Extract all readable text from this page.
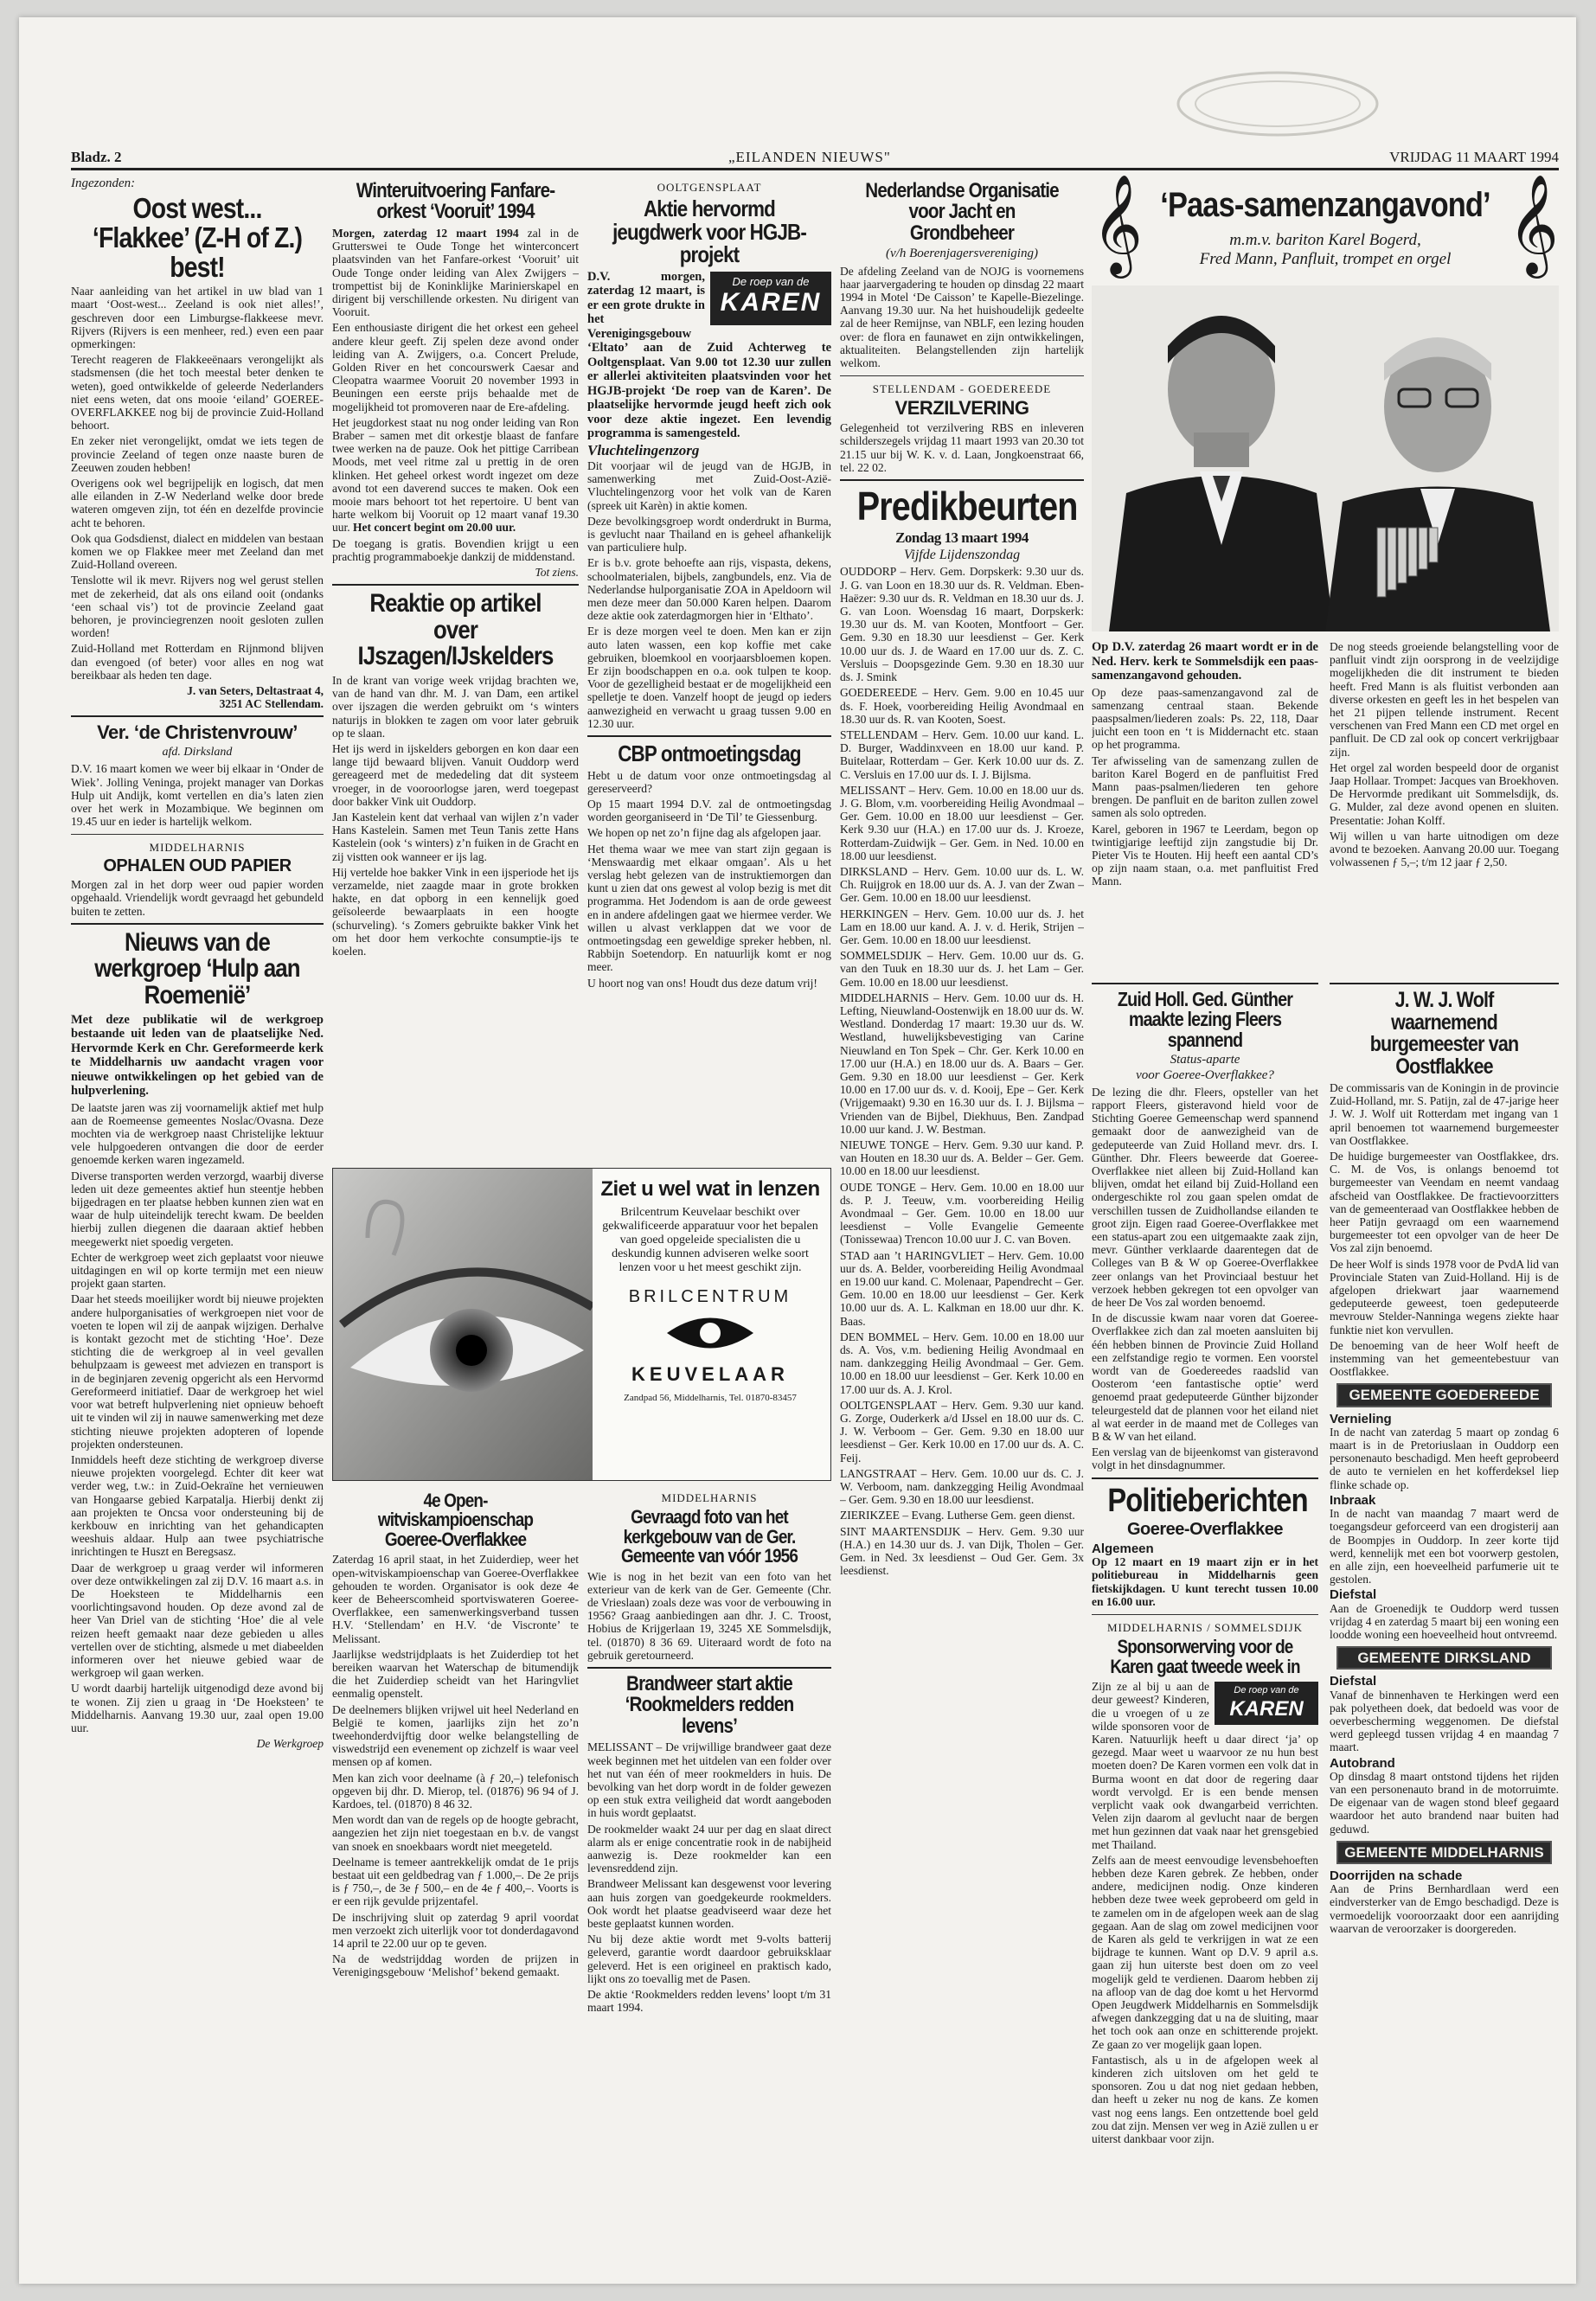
Bladz. 2	„EILANDEN NIEUWS"	VRIJDAG 11 MAART 1994
Ingezonden:
Oost west... ‘Flakkee’ (Z-H of Z.) best!

Naar aanleiding van het artikel in uw blad van 1 maart ‘Oost-west... Zeeland is ook niet alles!’, geschreven door een Limburgse-flakkeese mevr. Rijvers (Rijvers is een menheer, red.) even een paar opmerkingen:

Terecht reageren de Flakkeeënaars verongelijkt als stadsmensen (die het toch meestal beter denken te weten), goed ontwikkelde of geleerde Nederlanders niet eens weten, dat ons mooie ‘eiland’ GOEREE-OVERFLAKKEE nog bij de provincie Zuid-Holland behoort.

En zeker niet verongelijkt, omdat we iets tegen de provincie Zeeland of tegen onze naaste buren de Zeeuwen zouden hebben!

Overigens ook wel begrijpelijk en logisch, dat men alle eilanden in Z-W Nederland welke door brede wateren omgeven zijn, tot één en dezelfde provincie acht te behoren.

Ook qua Godsdienst, dialect en middelen van bestaan komen we op Flakkee meer met Zeeland dan met Zuid-Holland overeen.

Tenslotte wil ik mevr. Rijvers nog wel gerust stellen met de zekerheid, dat als ons eiland ooit (ondanks ‘een schaal vis’) tot de provincie Zeeland gaat behoren, je provinciegrenzen nooit gesloten zullen worden!

Zuid-Holland met Rotterdam en Rijnmond blijven dan evengoed (of beter) voor alles en nog wat bereikbaar als heden ten dage.

J. van Seters, Deltastraat 4, 3251 AC Stellendam.

Ver. ‘de Christenvrouw’
afd. Dirksland

D.V. 16 maart komen we weer bij elkaar in ‘Onder de Wiek’. Jolling Veninga, projekt manager van Dorkas Hulp uit Andijk, komt vertellen en dia’s laten zien over het werk in Mozambique. We beginnen om 19.45 uur en ieder is hartelijk welkom.

MIDDELHARNIS
OPHALEN OUD PAPIER

Morgen zal in het dorp weer oud papier worden opgehaald. Vriendelijk wordt gevraagd het gebundeld buiten te zetten.

Nieuws van de werkgroep ‘Hulp aan Roemenië’

Met deze publikatie wil de werkgroep bestaande uit leden van de plaatselijke Ned. Hervormde Kerk en Chr. Gereformeerde kerk te Middelharnis uw aandacht vragen voor nieuwe ontwikkelingen op het gebied van de hulpverlening.

De laatste jaren was zij voornamelijk aktief met hulp aan de Roemeense gemeentes Noslac/Ovasna. Deze mochten via de werkgroep naast Christelijke lektuur vele hulpgoederen ontvangen die door de eerder genoemde kerken waren ingezameld.

Diverse transporten werden verzorgd, waarbij diverse leden uit deze gemeentes aktief hun steentje hebben bijgedragen en ter plaatse hebben kunnen zien wat en waar de hulp uiteindelijk terecht kwam. De beelden hierbij zullen diegenen die daaraan aktief hebben meegewerkt niet spoedig vergeten.

Echter de werkgroep weet zich geplaatst voor nieuwe uitdagingen en wil op korte termijn met een nieuw projekt gaan starten.

Daar het steeds moeilijker wordt bij nieuwe projekten andere hulporganisaties of werkgroepen niet voor de voeten te lopen wil zij de aanpak wijzigen. Derhalve is kontakt gezocht met de stichting ‘Hoe’. Deze stichting die de werkgroep al in veel gevallen behulpzaam is geweest met adviezen en transport is in de beginjaren zevenig opgericht als een Hervormd Gereformeerd initiatief. Daar de werkgroep het wiel voor wat betreft hulpverlening niet opnieuw behoeft uit te vinden wil zij in nauwe samenwerking met deze stichting nieuwe projekten adopteren of lopende projekten ondersteunen.

Inmiddels heeft deze stichting de werkgroep diverse nieuwe projekten voorgelegd. Echter dit keer wat verder weg, t.w.: in Zuid-Oekraïne het vernieuwen van Hongaarse gebied Karpatalja. Hierbij denkt zij aan projekten te Oncsa voor ondersteuning bij de kerkbouw en inrichting van het gehandicapten weeshuis aldaar. Hulp aan twee psychiatrische inrichtingen te Huszt en Beregsasz.

Daar de werkgroep u graag verder wil informeren over deze ontwikkelingen zal zij D.V. 16 maart a.s. in De Hoeksteen te Middelharnis een voorlichtingsavond houden. Op deze avond zal de heer Van Driel van de stichting ‘Hoe’ die al vele reizen heeft gemaakt naar deze gebieden u alles vertellen over de stichting, alsmede u met diabeelden informeren over het nieuwe gebied waar de werkgroep wil gaan werken.

U wordt daarbij hartelijk uitgenodigd deze avond bij te wonen. Zij zien u graag in ‘De Hoeksteen’ te Middelharnis. Aanvang 19.30 uur, zaal open 19.00 uur.

De Werkgroep

Winteruitvoering Fanfare-orkest ‘Vooruit’ 1994

Morgen, zaterdag 12 maart 1994 zal in de Grutterswei te Oude Tonge het winterconcert plaatsvinden van het Fanfare-orkest ‘Vooruit’ uit Oude Tonge onder leiding van Alex Zwijgers – trompettist bij de Koninklijke Marinierskapel en dirigent bij verschillende orkesten. Nu dirigent van Vooruit.

Een enthousiaste dirigent die het orkest een geheel andere kleur geeft. Zij spelen deze avond onder leiding van A. Zwijgers, o.a. Concert Prelude, Golden River en het concourswerk Caesar and Cleopatra waarmee Vooruit 20 november 1993 in Beuningen een eerste prijs behaalde met de mogelijkheid tot promoveren naar de Ere-afdeling.

Het jeugdorkest staat nu nog onder leiding van Ron Braber – samen met dit orkestje blaast de fanfare twee werken na de pauze. Ook het pittige Carribean Moods, met veel ritme zal u prettig in de oren klinken. Het geheel orkest wordt ingezet om deze avond tot een daverend succes te maken. Ook een mooie mars behoort tot het repertoire. U bent van harte welkom bij Vooruit op 12 maart vanaf 19.30 uur. Het concert begint om 20.00 uur.

De toegang is gratis. Bovendien krijgt u een prachtig programmaboekje dankzij de middenstand.

Tot ziens.

Reaktie op artikel over IJszagen/IJskelders

In de krant van vorige week vrijdag brachten we, van de hand van dhr. M. J. van Dam, een artikel over ijszagen die werden gebruikt om ‘s winters naturijs in blokken te zagen om voor later gebruik op te slaan.

Het ijs werd in ijskelders geborgen en kon daar een lange tijd bewaard blijven. Vanuit Ouddorp werd gereageerd met de mededeling dat dit systeem vroeger, in de vooroorlogse jaren, werd toegepast door bakker Vink uit Ouddorp.

Jan Kastelein kent dat verhaal van wijlen z’n vader Hans Kastelein. Samen met Teun Tanis zette Hans Kastelein (ook ‘s winters) z’n fuiken in de Gracht en zij vistten ook wanneer er ijs lag.

Hij vertelde hoe bakker Vink in een ijsperiode het ijs verzamelde, niet zaagde maar in grote brokken hakte, en dat opborg in een kennelijk goed geïsoleerde bewaarplaats in een hoogte (schurveling). ‘s Zomers gebruikte bakker Vink het om het door hem verkochte consumptie-ijs te koelen.

Ziet u wel wat in lenzen

Brilcentrum Keuvelaar beschikt over gekwalificeerde apparatuur voor het bepalen van goed opgeleide specialisten die u deskundig kunnen adviseren welke soort lenzen voor u het meest geschikt zijn.

BRILCENTRUM
KEUVELAAR
Zandpad 56, Middelharnis, Tel. 01870-83457
4e Open-witviskampioenschap Goeree-Overflakkee

Zaterdag 16 april staat, in het Zuiderdiep, weer het open-witviskampioenschap van Goeree-Overflakkee gehouden te worden. Organisator is ook deze 4e keer de Beheerscomheid sportviswateren Goeree-Overflakkee, een samenwerkingsverband tussen H.V. ‘Stellendam’ en H.V. ‘de Viscronte’ te Melissant.

Jaarlijkse wedstrijdplaats is het Zuiderdiep tot het bereiken waarvan het Waterschap de bitumendijk die het Zuiderdiep scheidt van het Haringvliet eenmalig openstelt.

De deelnemers blijken vrijwel uit heel Nederland en België te komen, jaarlijks zijn het zo’n tweehonderdvijftig door welke belangstelling de viswedstrijd een evenement op zichzelf is waar veel mensen op af komen.

Men kan zich voor deelname (à ƒ 20,–) telefonisch opgeven bij dhr. D. Mierop, tel. (01876) 96 94 of J. Kardoes, tel. (01870) 8 46 32.

Men wordt dan van de regels op de hoogte gebracht, aangezien het zijn niet toegestaan en b.v. de vangst van snoek en snoekbaars wordt niet meegeteld.

Deelname is temeer aantrekkelijk omdat de 1e prijs bestaat uit een geldbedrag van ƒ 1.000,–. De 2e prijs is ƒ 750,–, de 3e ƒ 500,– en de 4e ƒ 400,–. Voorts is er een rijk gevulde prijzentafel.

De inschrijving sluit op zaterdag 9 april voordat men verzoekt zich uiterlijk voor tot donderdagavond 14 april te 22.00 uur op te geven.

Na de wedstrijddag worden de prijzen in Verenigingsgebouw ‘Melishof’ bekend gemaakt.

OOLTGENSPLAAT
Aktie hervormd jeugdwerk voor HGJB-projekt
De roep van de
KAREN

D.V. morgen, zaterdag 12 maart, is er een grote drukte in het Verenigingsgebouw ‘Eltato’ aan de Zuid Achterweg te Ooltgensplaat. Van 9.00 tot 12.30 uur zullen er allerlei aktiviteiten plaatsvinden voor het HGJB-projekt ‘De roep van de Karen’. De plaatselijke hervormde jeugd heeft zich ook voor deze aktie ingezet. Een levendig programma is samengesteld.

Vluchtelingenzorg

Dit voorjaar wil de jeugd van de HGJB, in samenwerking met Zuid-Oost-Azië-Vluchtelingenzorg voor het volk van de Karen (spreek uit Karèn) in aktie komen.

Deze bevolkingsgroep wordt onderdrukt in Burma, is gevlucht naar Thailand en is geheel afhankelijk van particuliere hulp.

Er is b.v. grote behoefte aan rijs, vispasta, dekens, schoolmaterialen, bijbels, zangbundels, enz. Via de Nederlandse hulporganisatie ZOA in Apeldoorn wil men deze meer dan 50.000 Karen helpen. Daarom deze aktie ook zaterdagmorgen hier in ‘Elthato’.

Er is deze morgen veel te doen. Men kan er zijn auto laten wassen, een kop koffie met cake gebruiken, bloemkool en voorjaarsbloemen kopen. Er zijn boodschappen en o.a. ook tulpen te koop. Voor de gezelligheid bestaat er de mogelijkheid een spelletje te doen. Vanzelf hoopt de jeugd op ieders aanwezigheid en verwacht u graag tussen 9.00 en 12.30 uur.

CBP ontmoetingsdag

Hebt u de datum voor onze ontmoetingsdag al gereserveerd?

Op 15 maart 1994 D.V. zal de ontmoetingsdag worden georganiseerd in ‘De Til’ te Giessenburg.

We hopen op net zo’n fijne dag als afgelopen jaar.

Het thema waar we mee van start zijn gegaan is ‘Menswaardig met elkaar omgaan’. Als u het verslag hebt gelezen van de instruktiemorgen dan kunt u zien dat ons gewest al volop bezig is met dit programma. Het Jodendom is aan de orde geweest en in andere afdelingen gaat we hiermee verder. We willen u alvast verklappen dat we voor de ontmoetingsdag een geweldige spreker hebben, nl. Rabbijn Soetendorp. En natuurlijk komt er nog meer.

U hoort nog van ons! Houdt dus deze datum vrij!

MIDDELHARNIS
Gevraagd foto van het kerkgebouw van de Ger. Gemeente van vóór 1956

Wie is nog in het bezit van een foto van het exterieur van de kerk van de Ger. Gemeente (Chr. de Vrieslaan) zoals deze was voor de verbouwing in 1956? Graag aanbiedingen aan dhr. J. C. Troost, Hobius de Krijgerlaan 19, 3245 XE Sommelsdijk, tel. (01870) 8 36 69. Uiteraard wordt de foto na gebruik geretourneerd.

Brandweer start aktie ‘Rookmelders redden levens’

MELISSANT – De vrijwillige brandweer gaat deze week beginnen met het uitdelen van een folder over het nut van één of meer rookmelders in huis. De bevolking van het dorp wordt in de folder gewezen op een stuk extra veiligheid dat wordt aangeboden in huis wordt geplaatst.

De rookmelder waakt 24 uur per dag en slaat direct alarm als er enige concentratie rook in de nabijheid aanwezig is. Deze rookmelder kan een levensreddend zijn.

Brandweer Melissant kan desgewenst voor levering aan huis zorgen van goedgekeurde rookmelders. Ook wordt het plaatse geadviseerd waar deze het beste geplaatst kunnen worden.

Nu bij deze aktie wordt met 9-volts batterij geleverd, garantie wordt daardoor gebruiksklaar geleverd. Het is een origineel en praktisch kado, lijkt ons zo toevallig met de Pasen.

De aktie ‘Rookmelders redden levens’ loopt t/m 31 maart 1994.

Nederlandse Organisatie voor Jacht en Grondbeheer
(v/h Boerenjagersvereniging)

De afdeling Zeeland van de NOJG is voornemens haar jaarvergadering te houden op dinsdag 22 maart 1994 in Motel ‘De Caisson’ te Kapelle-Biezelinge. Aanvang 19.30 uur. Na het huishoudelijk gedeelte zal de heer Remijnse, van NBLF, een lezing houden over: de flora en faunawet en zijn ontwikkelingen, aktualiteiten. Belangstellenden zijn hartelijk welkom.

STELLENDAM - GOEDEREEDE
VERZILVERING

Gelegenheid tot verzilvering RBS en inleveren schilderszegels vrijdag 11 maart 1993 van 20.30 tot 21.15 uur bij W. K. v. d. Laan, Jongkoenstraat 66, tel. 22 02.

Predikbeurten
Zondag 13 maart 1994
Vijfde Lijdenszondag

OUDDORP – Herv. Gem. Dorpskerk: 9.30 uur ds. J. G. van Loon en 18.30 uur ds. R. Veldman. Eben-Haëzer: 9.30 uur ds. R. Veldman en 18.30 uur ds. J. G. van Loon. Woensdag 16 maart, Dorpskerk: 19.30 uur ds. M. van Kooten, Montfoort – Ger. Gem. 9.30 en 18.30 uur leesdienst – Ger. Kerk 10.00 uur ds. J. de Waard en 17.00 uur ds. Z. C. Versluis – Doopsgezinde Gem. 9.30 en 18.30 uur ds. J. Smink

GOEDEREEDE – Herv. Gem. 9.00 en 10.45 uur ds. F. Hoek, voorbereiding Heilig Avondmaal en 18.30 uur ds. R. van Kooten, Soest.

STELLENDAM – Herv. Gem. 10.00 uur kand. L. D. Burger, Waddinxveen en 18.00 uur kand. P. Buitelaar, Rotterdam – Ger. Kerk 10.00 uur ds. Z. C. Versluis en 17.00 uur ds. I. J. Bijlsma.

MELISSANT – Herv. Gem. 10.00 en 18.00 uur ds. J. G. Blom, v.m. voorbereiding Heilig Avondmaal – Ger. Gem. 10.00 en 18.00 uur leesdienst – Ger. Kerk 9.30 uur (H.A.) en 17.00 uur ds. J. Kroeze, Rotterdam-Zuidwijk – Ger. Gem. in Ned. 10.00 en 18.00 uur leesdienst.

DIRKSLAND – Herv. Gem. 10.00 uur ds. L. W. Ch. Ruijgrok en 18.00 uur ds. A. J. van der Zwan – Ger. Gem. 10.00 en 18.00 uur leesdienst.

HERKINGEN – Herv. Gem. 10.00 uur ds. J. het Lam en 18.00 uur kand. A. J. v. d. Herik, Strijen – Ger. Gem. 10.00 en 18.00 uur leesdienst.

SOMMELSDIJK – Herv. Gem. 10.00 uur ds. G. van den Tuuk en 18.30 uur ds. J. het Lam – Ger. Gem. 10.00 en 18.00 uur leesdienst.

MIDDELHARNIS – Herv. Gem. 10.00 uur ds. H. Lefting, Nieuwland-Oostenwijk en 18.00 uur ds. W. Westland. Donderdag 17 maart: 19.30 uur ds. W. Westland, huwelijksbevestiging van Carine Nieuwland en Ton Spek – Chr. Ger. Kerk 10.00 en 17.00 uur (H.A.) en 18.00 uur ds. A. Baars – Ger. Gem. 9.30 en 18.00 uur leesdienst – Ger. Kerk 10.00 en 17.00 uur ds. v. d. Kooij, Epe – Ger. Kerk (Vrijgemaakt) 9.30 en 16.30 uur ds. I. J. Bijlsma – Vrienden van de Bijbel, Diekhuus, Ben. Zandpad 10.00 uur kand. J. W. Bestman.

NIEUWE TONGE – Herv. Gem. 9.30 uur kand. P. van Houten en 18.30 uur ds. A. Belder – Ger. Gem. 10.00 en 18.00 uur leesdienst.

OUDE TONGE – Herv. Gem. 10.00 en 18.00 uur ds. P. J. Teeuw, v.m. voorbereiding Heilig Avondmaal – Ger. Gem. 10.00 en 18.00 uur leesdienst – Volle Evangelie Gemeente (Tonissewaa) Trencon 10.00 uur J. C. van Boven.

STAD aan ’t HARINGVLIET – Herv. Gem. 10.00 uur ds. A. Belder, voorbereiding Heilig Avondmaal en 19.00 uur kand. C. Molenaar, Papendrecht – Ger. Gem. 10.00 en 18.00 uur leesdienst – Ger. Kerk 10.00 uur ds. A. L. Kalkman en 18.00 uur dhr. K. Baas.

DEN BOMMEL – Herv. Gem. 10.00 en 18.00 uur ds. A. Vos, v.m. bediening Heilig Avondmaal en nam. dankzegging Heilig Avondmaal – Ger. Gem. 10.00 en 18.00 uur leesdienst – Ger. Kerk 10.00 en 17.00 uur ds. A. J. Krol.

OOLTGENSPLAAT – Herv. Gem. 9.30 uur kand. G. Zorge, Ouderkerk a/d IJssel en 18.00 uur ds. C. J. W. Verboom – Ger. Gem. 9.30 en 18.00 uur leesdienst – Ger. Kerk 10.00 en 17.00 uur ds. A. C. Feij.

LANGSTRAAT – Herv. Gem. 10.00 uur ds. C. J. W. Verboom, nam. dankzegging Heilig Avondmaal – Ger. Gem. 9.30 en 18.00 uur leesdienst.

ZIERIKZEE – Evang. Lutherse Gem. geen dienst.

SINT MAARTENSDIJK – Herv. Gem. 9.30 uur (H.A.) en 14.30 uur ds. J. van Dijk, Tholen – Ger. Gem. in Ned. 3x leesdienst – Oud Ger. Gem. 3x leesdienst.

𝄞	𝄞
‘Paas-samenzangavond’
m.m.v. bariton Karel Bogerd,
Fred Mann, Panfluit, trompet en orgel

Op D.V. zaterdag 26 maart wordt er in de Ned. Herv. kerk te Sommelsdijk een paas-samenzangavond gehouden.

Op deze paas-samenzangavond zal de samenzang centraal staan. Bekende paaspsalmen/liederen zoals: Ps. 22, 118, Daar juicht een toon en ‘t is Middernacht etc. staan op het programma.

Ter afwisseling van de samenzang zullen de bariton Karel Bogerd en de panfluitist Fred Mann paas-psalmen/liederen ten gehore brengen. De panfluit en de bariton zullen zowel samen als solo optreden.

Karel, geboren in 1967 te Leerdam, begon op twintigjarige leeftijd zijn zangstudie bij Dr. Pieter Vis te Houten. Hij heeft een aantal CD’s op zijn naam staan, o.a. met panfluitist Fred Mann.

De nog steeds groeiende belangstelling voor de panfluit vindt zijn oorsprong in de veelzijdige mogelijkheden die dit instrument te bieden heeft. Fred Mann is als fluitist verbonden aan diverse orkesten en geeft les in het bespelen van het 21 pijpen tellende instrument. Recent verschenen van Fred Mann een CD met orgel en panfluit. De CD zal ook op concert verkrijgbaar zijn.

Het orgel zal worden bespeeld door de organist Jaap Hollaar. Trompet: Jacques van Broekhoven. De Hervormde predikant uit Sommelsdijk, ds. G. Mulder, zal deze avond openen en sluiten. Presentatie: Johan Kolff.

Wij willen u van harte uitnodigen om deze avond te bezoeken. Aanvang 20.00 uur. Toegang volwassenen ƒ 5,–; t/m 12 jaar ƒ 2,50.

Zuid Holl. Ged. Günther maakte lezing Fleers spannend
Status-aparte
voor Goeree-Overflakkee?

De lezing die dhr. Fleers, opsteller van het rapport Fleers, gisteravond hield voor de Stichting Goeree Gemeenschap werd spannend gemaakt door de aanwezigheid van de gedeputeerde van Zuid Holland mevr. drs. I. Günther. Dhr. Fleers beweerde dat Goeree-Overflakkee niet alleen bij Zuid-Holland kan blijven, omdat het eiland bij Zuid-Holland een ondergeschikte rol zou gaan spelen omdat de verschillen tussen de Zuidhollandse eilanden te groot zijn. Eigen raad Goeree-Overflakkee met een status-apart zou een uitgemaakte zaak zijn, mevr. Günther verklaarde daarentegen dat de Colleges van B & W op Goeree-Overflakkee zeer onlangs van het Provinciaal bestuur het verzoek hebben gekregen tot een opvolger van de heer De Vos zal worden benoemd.

In de discussie kwam naar voren dat Goeree-Overflakkee zich dan zal moeten aansluiten bij één hebben binnen de Provincie Zuid Holland een zelfstandige regio te vormen. Een voorstel wordt van de Goedereedes raadslid van Oosterom ‘een fantastische optie’ werd genoemd praat gedeputeerde Günther bijzonder teleurgesteld dat de plannen voor het eiland niet al wat eerder in de maand met de Colleges van B & W van het eiland.

Een verslag van de bijeenkomst van gisteravond volgt in het dinsdagnummer.

Politieberichten
Goeree-Overflakkee
Algemeen

Op 12 maart en 19 maart zijn er in het politiebureau in Middelharnis geen fietskijkdagen. U kunt terecht tussen 10.00 en 16.00 uur.

MIDDELHARNIS / SOMMELSDIJK
Sponsorwerving voor de Karen gaat tweede week in
De roep van de
KAREN

Zijn ze al bij u aan de deur geweest? Kinderen, die u vroegen of u ze wilde sponsoren voor de Karen. Natuurlijk heeft u daar direct ‘ja’ op gezegd. Maar weet u waarvoor ze nu hun best moeten doen? De Karen vormen een volk dat in Burma woont en dat door de regering daar wordt vervolgd. Er is een bende mensen verplicht vaak ook dwangarbeid verrichten. Velen zijn daarom al gevlucht naar de bergen met hun gezinnen dat vaak naar het grensgebied met Thailand.

Zelfs aan de meest eenvoudige levensbehoeften hebben deze Karen gebrek. Ze hebben, onder andere, medicijnen nodig. Onze kinderen hebben deze twee week geprobeerd om geld in te zamelen om in de afgelopen week aan de slag gegaan. Aan de slag om zowel medicijnen voor de Karen als geld te verkrijgen in wat ze een bijdrage te kunnen. Want op D.V. 9 april a.s. gaan zij hun uiterste best doen om zo veel mogelijk geld te verdienen. Daarom hebben zij na afloop van de dag doe komt u het Hervormd Open Jeugdwerk Middelharnis en Sommelsdijk afwegen dankzegging dat u na de sluiting, maar het toch ook aan onze en schitterende projekt. Ze gaan zo ver mogelijk gaan lopen.

Fantastisch, als u in de afgelopen week al kinderen zich uitsloven om het geld te sponsoren. Zou u dat nog niet gedaan hebben, dan heeft u zeker nu nog de kans. Ze komen vast nog eens langs. Een ontzettende boel geld zou dat zijn. Mensen ver weg in Azië zullen u er uiterst dankbaar voor zijn.

J. W. J. Wolf waarnemend burgemeester van Oostflakkee

De commissaris van de Koningin in de provincie Zuid-Holland, mr. S. Patijn, zal de 47-jarige heer J. W. J. Wolf uit Rotterdam met ingang van 1 april benoemen tot waarnemend burgemeester van Oostflakkee.

De huidige burgemeester van Oostflakkee, drs. C. M. de Vos, is onlangs benoemd tot burgemeester van Veendam en neemt vandaag afscheid van Oostflakkee. De fractievoorzitters van de gemeenteraad van Oostflakkee hebben de heer Patijn gevraagd om een waarnemend burgemeester tot een opvolger van de heer De Vos zal zijn benoemd.

De heer Wolf is sinds 1978 voor de PvdA lid van Provinciale Staten van Zuid-Holland. Hij is de afgelopen driekwart jaar waarnemend gedeputeerde geweest, toen gedeputeerde mevrouw Stelder-Nanninga wegens ziekte haar funktie niet kon vervullen.

De benoeming van de heer Wolf heeft de instemming van het gemeentebestuur van Oostflakkee.

GEMEENTE GOEDEREEDE
Vernieling

In de nacht van zaterdag 5 maart op zondag 6 maart is in de Pretoriuslaan in Ouddorp een personenauto beschadigd. Men heeft geprobeerd de auto te vernielen en het kofferdeksel liep flinke schade op.

Inbraak

In de nacht van maandag 7 maart werd de toegangsdeur geforceerd van een drogisterij aan de Boompjes in Ouddorp. In zeer korte tijd werd, kennelijk met een bot voorwerp gestolen, en alle zijn, een hoeveelheid parfumerie uit te gestolen.

Diefstal

Aan de Groenedijk te Ouddorp werd tussen vrijdag 4 en zaterdag 5 maart bij een woning een loodde woning een hoeveelheid hout ontvreemd.

GEMEENTE DIRKSLAND
Diefstal

Vanaf de binnenhaven te Herkingen werd een pak polyetheen doek, dat bedoeld was voor de oeverbescherming weggenomen. De diefstal werd gepleegd tussen vrijdag 4 en maandag 7 maart.

Autobrand

Op dinsdag 8 maart ontstond tijdens het rijden van een personenauto brand in de motorruimte. De eigenaar van de wagen stond bleef gegaard waardoor het auto brandend naar buiten had geduwd.

GEMEENTE MIDDELHARNIS
Doorrijden na schade

Aan de Prins Bernhardlaan werd een eindversterker van de Emgo beschadigd. Deze is vermoedelijk vooroorzaakt door een aanrijding waarvan de veroorzaker is doorgereden.
